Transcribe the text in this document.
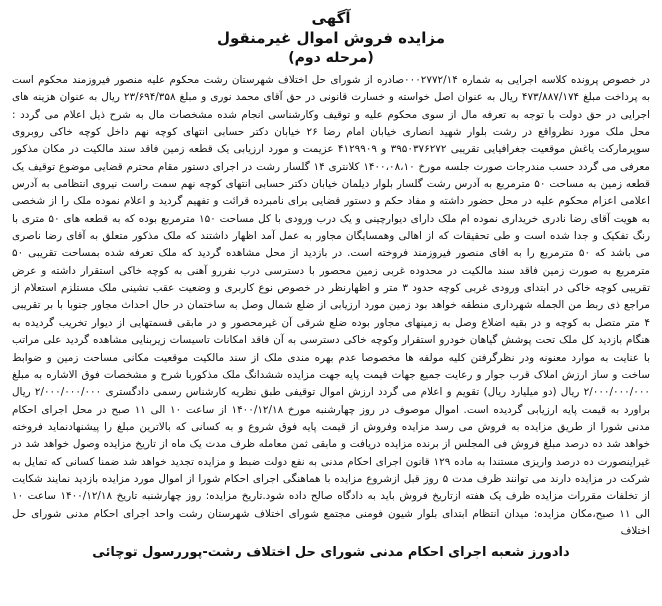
آگهی

مزایده فروش اموال غیرمنقول

(مرحله دوم)

در خصوص پرونده کلاسه اجرایی به شماره ۰۰۰۲۷۷۲/۱۴صادره از شورای حل اختلاف شهرستان رشت محکوم علیه منصور فیروزمند محکوم است به پرداخت مبلغ ۴۷۳/۸۸۷/۱۷۴ ریال به عنوان اصل خواسته و خسارت قانونی در حق آقای محمد نوری و مبلغ ۲۳/۶۹۴/۳۵۸ ریال به عنوان هزینه های اجرایی در حق دولت با توجه به تعرفه مال از سوی محکوم علیه و توقیف وکارشناسی انجام شده مشخصات مال به شرح ذیل اعلام می گردد : محل ملک مورد نظرواقع در رشت بلوار شهید انصاری خیابان امام رضا ۲۶ خیابان دکتر حسابی انتهای کوچه نهم داخل کوچه خاکی روبروی سوپرمارکت یاغش موقعیت جغرافیایی تقریبی ۳۹۵۰۳۷۶۲۷۲ و ۴۱۲۹۹۰۹ عزیمت و مورد ارزیابی یک قطعه زمین فاقد سند مالکیت در مکان مذکور معرفی می گردد حسب مندرجات صورت جلسه مورخ ۱۴۰۰،۰۸،۱۰ کلانتری ۱۴ گلسار رشت در اجرای دستور مقام محترم قضایی موضوع توقیف یک قطعه زمین به مساحت ۵۰ مترمربع به آدرس رشت گلسار بلوار دیلمان خیابان دکتر حسابی انتهای کوچه نهم سمت راست نیروی انتظامی به آدرس اعلامی اعزام محکوم علیه در محل حضور داشته و مفاد حکم و دستور قضایی برای نامبرده قرائت و تفهیم گردید و اعلام نموده ملک را از شخصی به هویت آقای رضا نادری خریداری نموده ام ملک دارای دیوارچینی و یک درب ورودی با کل مساحت ۱۵۰ مترمربع بوده که به قطعه های ۵۰ متری با رنگ تفکیک و جدا شده است و طی تحقیقات که از اهالی وهمسایگان مجاور به عمل آمد اظهار داشتند که ملک مذکور متعلق به آقای رضا ناصری می باشد که ۵۰ مترمربع را به اقای منصور فیروزمند فروخته است. در بازدید از محل مشاهده گردید که ملک تعرفه شده بمساحت تقریبی ۵۰ مترمربع به صورت زمین فاقد سند مالکیت در محدوده غربی زمین محصور با دسترسی درب نفررو آهنی به کوچه خاکی استقرار داشته و عرض تقریبی کوچه خاکی در ابتدای ورودی غربی کوچه حدود ۳ متر و اظهارنظر در خصوص نوع کاربری و وضعیت عقب نشینی ملک مستلزم استعلام از مراجع ذی ربط من الجمله شهرداری منطقه خواهد بود زمین مورد ارزیابی از ضلع شمال وصل به ساختمان در حال احداث مجاور جنوبا با بر تقریبی ۴ متر متصل به کوچه و در بقیه اضلاع وصل به زمینهای مجاور بوده ضلع شرقی آن غیرمحصور و در مابقی قسمتهایی از دیوار تخریب گردیده به هنگام بازدید کل ملک تحت پوشش گیاهان خودرو استقرار وکوچه خاکی دسترسی به آن فاقد امکانات تاسیسات زیربنایی مشاهده گردید علی مراتب با عنایت به موارد معنونه ودر نظرگرفتن کلیه مولفه ها مخصوصا عدم بهره مندی ملک از سند مالکیت موقعیت مکانی مساحت زمین و ضوابط ساخت و ساز ارزش املاک قرب جوار و رعایت جمیع جهات قیمت پایه جهت مزایده ششدانگ ملک مذکوربا شرح و مشخصات فوق الاشاره به مبلغ ۲/۰۰۰/۰۰۰/۰۰۰ ریال (دو میلیارد ریال) تقویم و اعلام می گردد ارزش اموال توقیفی طبق نظریه کارشناس رسمی دادگستری ۲/۰۰۰/۰۰۰/۰۰۰ ریال براورد به قیمت پایه ارزیابی گردیده است. اموال موصوف در روز چهارشنبه مورخ ۱۴۰۰/۱۲/۱۸ از ساعت ۱۰ الی ۱۱ صبح در محل اجرای احکام مدنی شورا از طریق مزایده به فروش می رسد مزایده وفروش از قیمت پایه فوق شروع و به کسانی که بالاترین مبلغ را پیشنهادنماید فروخته خواهد شد ده درصد مبلغ فروش فی المجلس از برنده مزایده دریافت و مابقی ثمن معامله ظرف مدت یک ماه از تاریخ مزایده وصول خواهد شد در غیراینصورت ده درصد واریزی مستندا به ماده ۱۲۹ قانون اجرای احکام مدنی به نفع دولت ضبط و مزایده تجدید خواهد شد ضمنا کسانی که تمایل به شرکت در مزایده دارند می توانند ظرف مدت ۵ روز قبل ازشروع مزایده با هماهنگی اجرای احکام شورا از اموال مورد مزایده بازدید نمایند شکایت از تخلفات مقررات مزایده ظرف یک هفته ازتاریخ فروش باید به دادگاه صالح داده شود.تاریخ مزایده: روز چهارشنبه تاریخ ۱۴۰۰/۱۲/۱۸ ساعت ۱۰ الی ۱۱ صبح،مکان مزایده: میدان انتظام ابتدای بلوار شیون فومنی مجتمع شورای اختلاف شهرستان رشت واحد اجرای احکام مدنی شورای حل اختلاف

دادورز شعبه اجرای احکام مدنی شورای حل اختلاف رشت-پوررسول توچائی
